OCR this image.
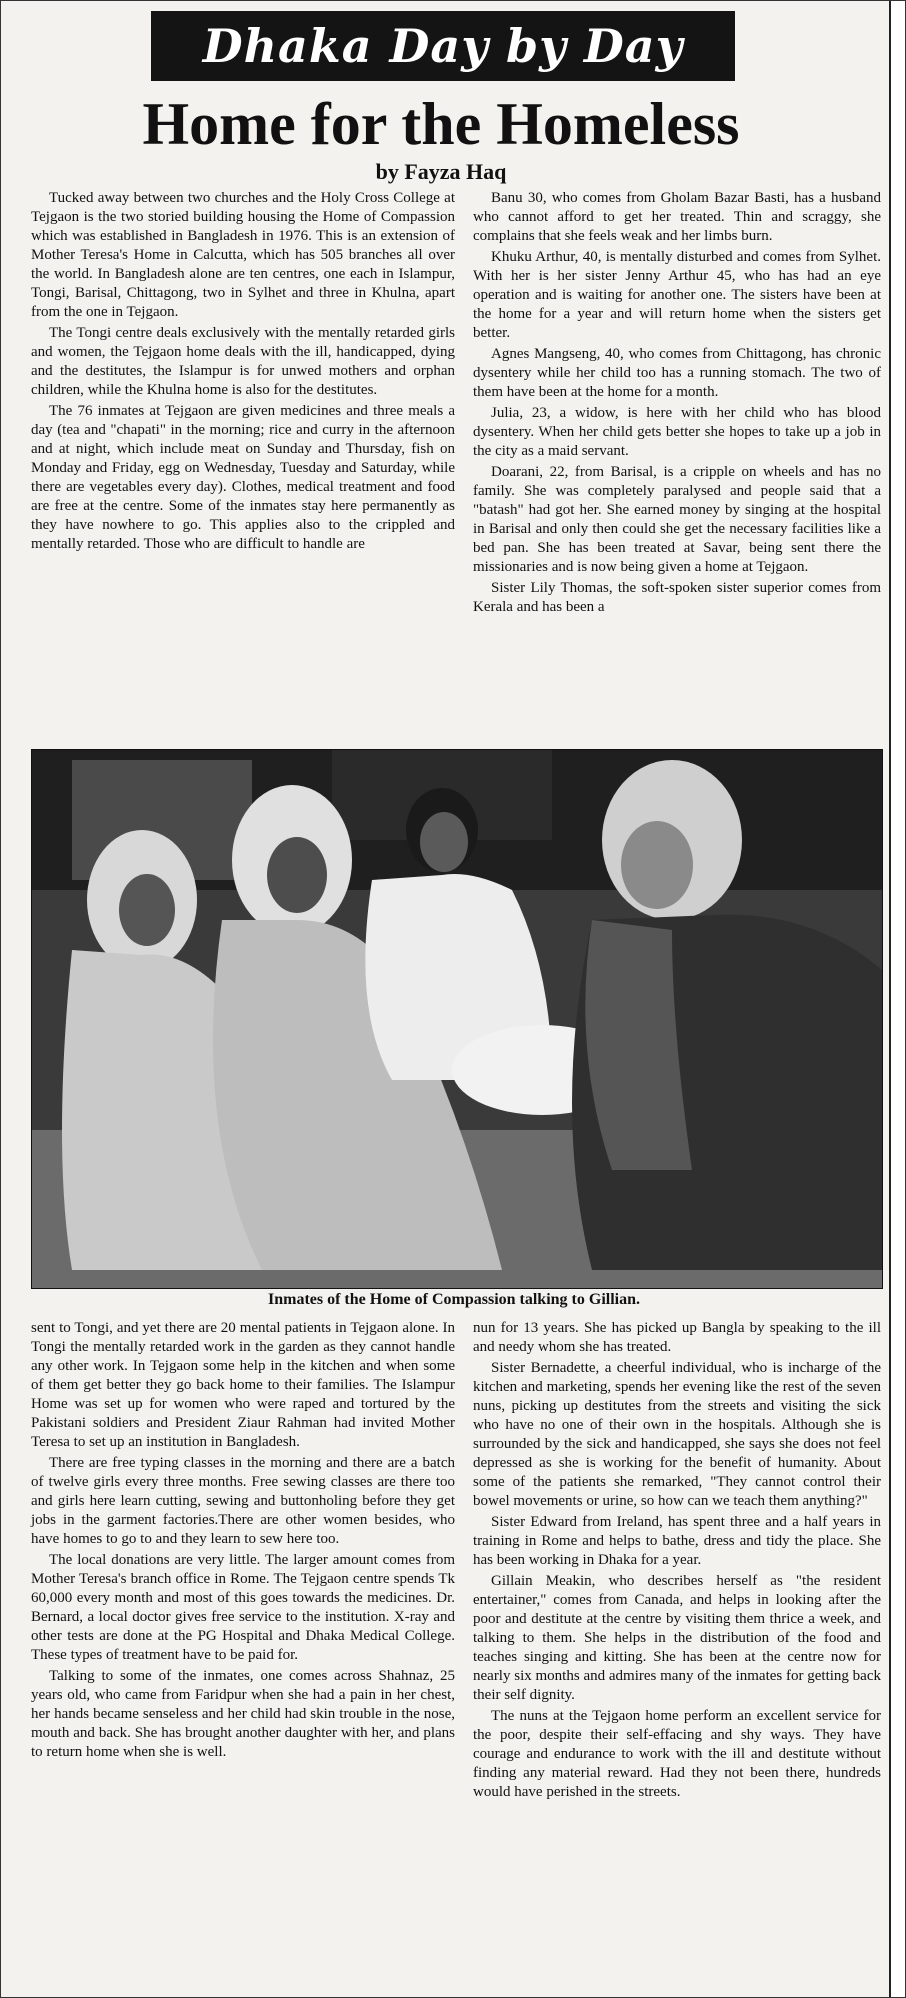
Dhaka Day by Day
Home for the Homeless
by Fayza Haq

Tucked away between two churches and the Holy Cross College at Tejgaon is the two storied building housing the Home of Compassion which was established in Bangladesh in 1976. This is an extension of Mother Teresa's Home in Calcutta, which has 505 branches all over the world. In Bangladesh alone are ten centres, one each in Islampur, Tongi, Barisal, Chittagong, two in Sylhet and three in Khulna, apart from the one in Tejgaon.

The Tongi centre deals exclusively with the mentally retarded girls and women, the Tejgaon home deals with the ill, handicapped, dying and the destitutes, the Islampur is for unwed mothers and orphan children, while the Khulna home is also for the destitutes.

The 76 inmates at Tejgaon are given medicines and three meals a day (tea and "chapati" in the morning; rice and curry in the afternoon and at night, which include meat on Sunday and Thursday, fish on Monday and Friday, egg on Wednesday, Tuesday and Saturday, while there are vegetables every day). Clothes, medical treatment and food are free at the centre. Some of the inmates stay here permanently as they have nowhere to go. This applies also to the crippled and mentally retarded. Those who are difficult to handle are

Banu 30, who comes from Gholam Bazar Basti, has a husband who cannot afford to get her treated. Thin and scraggy, she complains that she feels weak and her limbs burn.

Khuku Arthur, 40, is mentally disturbed and comes from Sylhet. With her is her sister Jenny Arthur 45, who has had an eye operation and is waiting for another one. The sisters have been at the home for a year and will return home when the sisters get better.

Agnes Mangseng, 40, who comes from Chittagong, has chronic dysentery while her child too has a running stomach. The two of them have been at the home for a month.

Julia, 23, a widow, is here with her child who has blood dysentery. When her child gets better she hopes to take up a job in the city as a maid servant.

Doarani, 22, from Barisal, is a cripple on wheels and has no family. She was completely paralysed and people said that a "batash" had got her. She earned money by singing at the hospital in Barisal and only then could she get the necessary facilities like a bed pan. She has been treated at Savar, being sent there the missionaries and is now being given a home at Tejgaon.

Sister Lily Thomas, the soft-spoken sister superior comes from Kerala and has been a

Inmates of the Home of Compassion talking to Gillian.

sent to Tongi, and yet there are 20 mental patients in Tejgaon alone. In Tongi the mentally retarded work in the garden as they cannot handle any other work. In Tejgaon some help in the kitchen and when some of them get better they go back home to their families. The Islampur Home was set up for women who were raped and tortured by the Pakistani soldiers and President Ziaur Rahman had invited Mother Teresa to set up an institution in Bangladesh.

There are free typing classes in the morning and there are a batch of twelve girls every three months. Free sewing classes are there too and girls here learn cutting, sewing and buttonholing before they get jobs in the garment factories.There are other women besides, who have homes to go to and they learn to sew here too.

The local donations are very little. The larger amount comes from Mother Teresa's branch office in Rome. The Tejgaon centre spends Tk 60,000 every month and most of this goes towards the medicines. Dr. Bernard, a local doctor gives free service to the institution. X-ray and other tests are done at the PG Hospital and Dhaka Medical College. These types of treatment have to be paid for.

Talking to some of the inmates, one comes across Shahnaz, 25 years old, who came from Faridpur when she had a pain in her chest, her hands became senseless and her child had skin trouble in the nose, mouth and back. She has brought another daughter with her, and plans to return home when she is well.

nun for 13 years. She has picked up Bangla by speaking to the ill and needy whom she has treated.

Sister Bernadette, a cheerful individual, who is incharge of the kitchen and marketing, spends her evening like the rest of the seven nuns, picking up destitutes from the streets and visiting the sick who have no one of their own in the hospitals. Although she is surrounded by the sick and handicapped, she says she does not feel depressed as she is working for the benefit of humanity. About some of the patients she remarked, "They cannot control their bowel movements or urine, so how can we teach them anything?"

Sister Edward from Ireland, has spent three and a half years in training in Rome and helps to bathe, dress and tidy the place. She has been working in Dhaka for a year.

Gillain Meakin, who describes herself as "the resident entertainer," comes from Canada, and helps in looking after the poor and destitute at the centre by visiting them thrice a week, and talking to them. She helps in the distribution of the food and teaches singing and kitting. She has been at the centre now for nearly six months and admires many of the inmates for getting back their self dignity.

The nuns at the Tejgaon home perform an excellent service for the poor, despite their self-effacing and shy ways. They have courage and endurance to work with the ill and destitute without finding any material reward. Had they not been there, hundreds would have perished in the streets.
